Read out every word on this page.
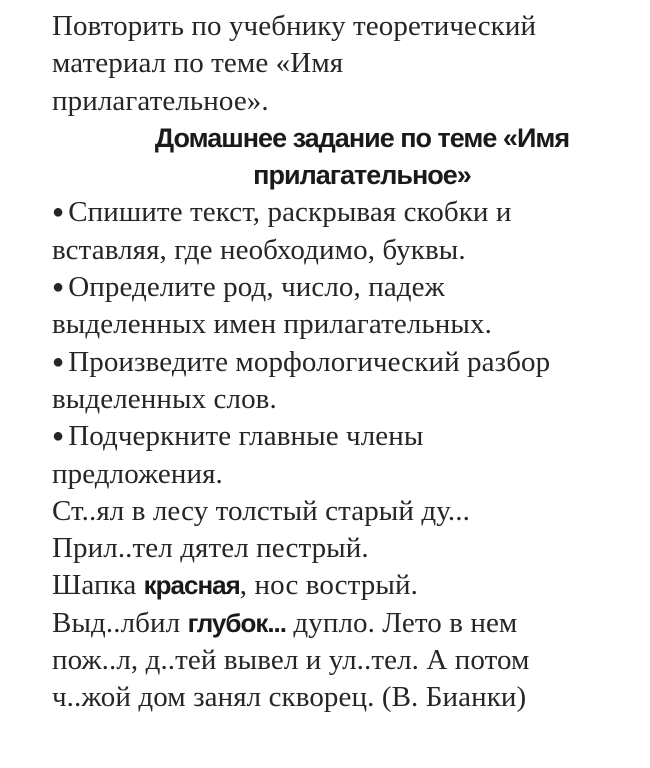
Повторить по учебнику теоретический
материал по теме «Имя
прилагательное».
Домашнее задание по теме «Имя
прилагательное»
● Спишите текст, раскрывая скобки и
вставляя, где необходимо, буквы.
● Определите род, число, падеж
выделенных имен прилагательных.
● Произведите морфологический разбор
выделенных слов.
● Подчеркните главные члены
предложения.
Ст..ял в лесу толстый старый ду...
Прил..тел дятел пестрый.
Шапка красная, нос вострый.
Выд..лбил глубок... дупло. Лето в нем
пож..л, д..тей вывел и ул..тел. А потом
ч..жой дом занял скворец. (В. Бианки)
